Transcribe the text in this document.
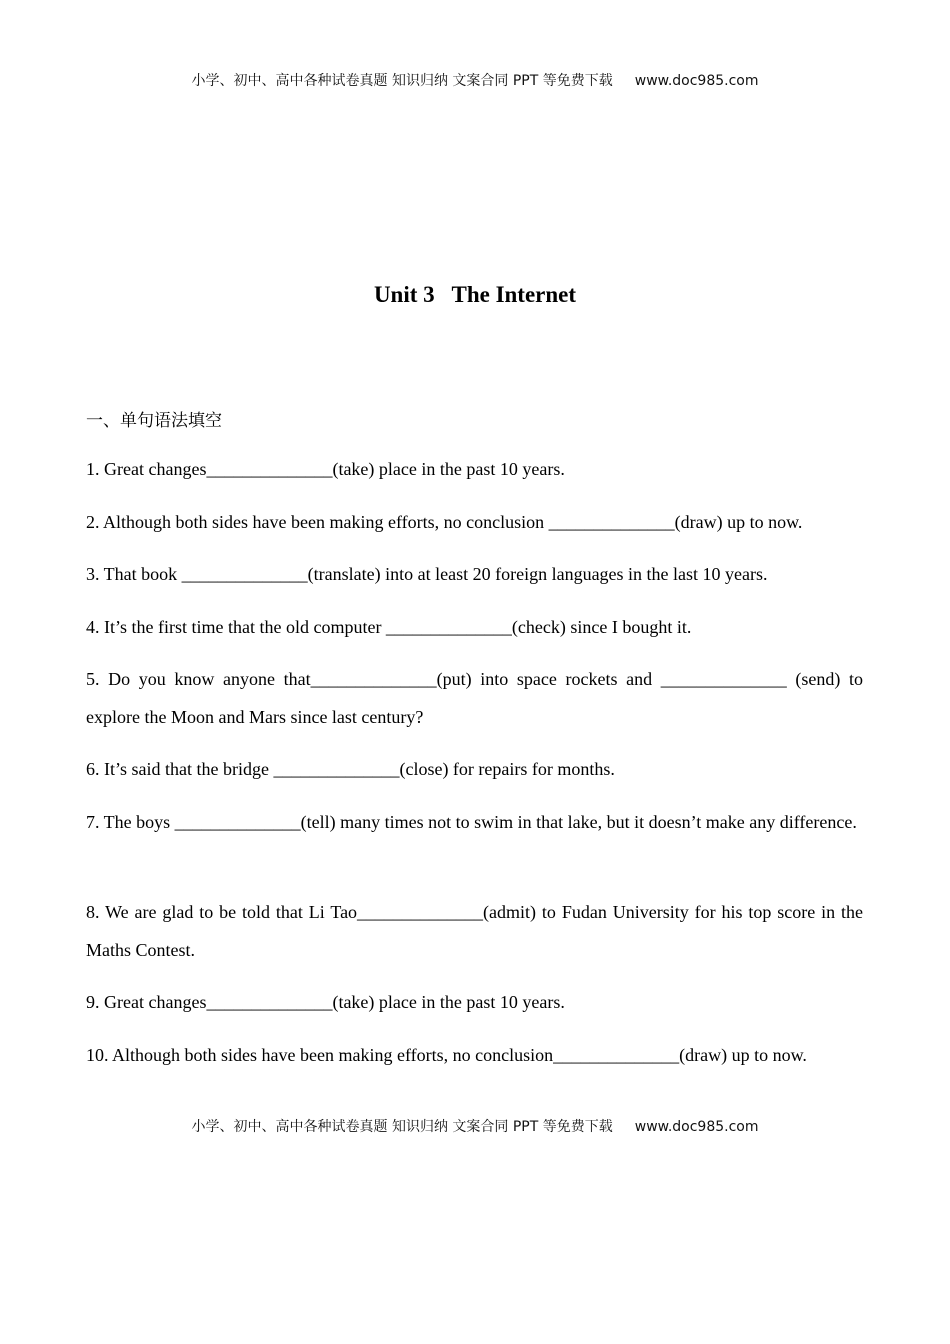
小学、初中、高中各种试卷真题 知识归纳 文案合同 PPT 等免费下载 www.doc985.com
Unit 3   The Internet
一、单句语法填空
1. Great changes______________(take) place in the past 10 years.
2. Although both sides have been making efforts, no conclusion ______________(draw) up to now.
3. That book ______________(translate) into at least 20 foreign languages in the last 10 years.
4. It’s the first time that the old computer ______________(check) since I bought it.
5. Do you know anyone that______________(put) into space rockets and ______________ (send) to explore the Moon and Mars since last century?
6. It’s said that the bridge ______________(close) for repairs for months.
7. The boys ______________(tell) many times not to swim in that lake, but it doesn’t make any difference.
8. We are glad to be told that Li Tao______________(admit) to Fudan University for his top score in the Maths Contest.
9. Great changes______________(take) place in the past 10 years.
10. Although both sides have been making efforts, no conclusion______________(draw) up to now.
小学、初中、高中各种试卷真题 知识归纳 文案合同 PPT 等免费下载 www.doc985.com
